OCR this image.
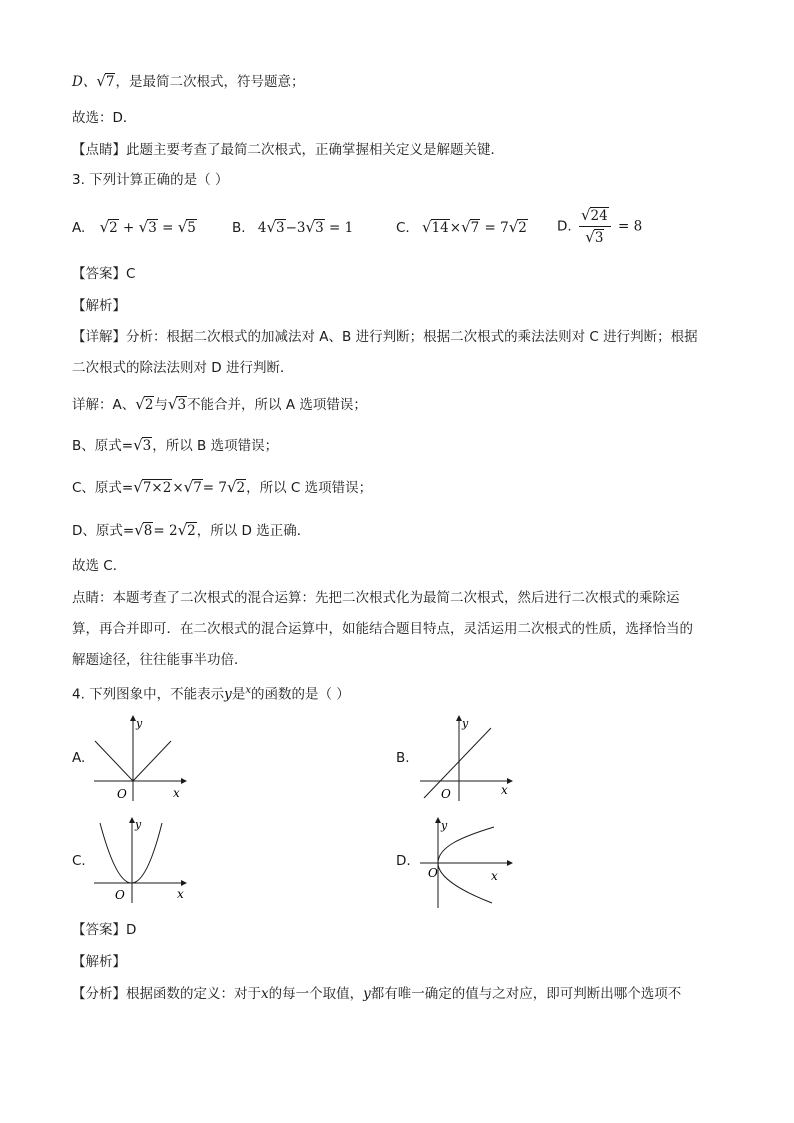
D、√7，是最简二次根式，符号题意；
故选：D．
【点睛】此题主要考查了最简二次根式，正确掌握相关定义是解题关键．
3. 下列计算正确的是（ ）
A. √2 + √3 = √5	B. 4√3−3√3 = 1	C. √14×√7 = 7√2 D. $\frac{√24}{√3} = 8$
【答案】C
【解析】
【详解】分析：根据二次根式的加减法对 A、B 进行判断；根据二次根式的乘法法则对 C 进行判断；根据
二次根式的除法法则对 D 进行判断．
详解：A、√2与√3不能合并，所以 A 选项错误；
B、原式=√3，所以 B 选项错误；
C、原式=√7×2×√7= 7√2，所以 C 选项错误；
D、原式=√8= 2√2，所以 D 选正确．
故选 C．
点睛：本题考查了二次根式的混合运算：先把二次根式化为最简二次根式，然后进行二次根式的乘除运
算，再合并即可．在二次根式的混合运算中，如能结合题目特点，灵活运用二次根式的性质，选择恰当的
解题途径，往往能事半功倍．
4. 下列图象中，不能表示y是$^x$的函数的是（ ）
A.
y
x
O
B.
y
x
O
C.
y
x
O
D.
y
x
O
【答案】D
【解析】
【分析】根据函数的定义：对于x的每一个取值，y都有唯一确定的值与之对应，即可判断出哪个选项不
